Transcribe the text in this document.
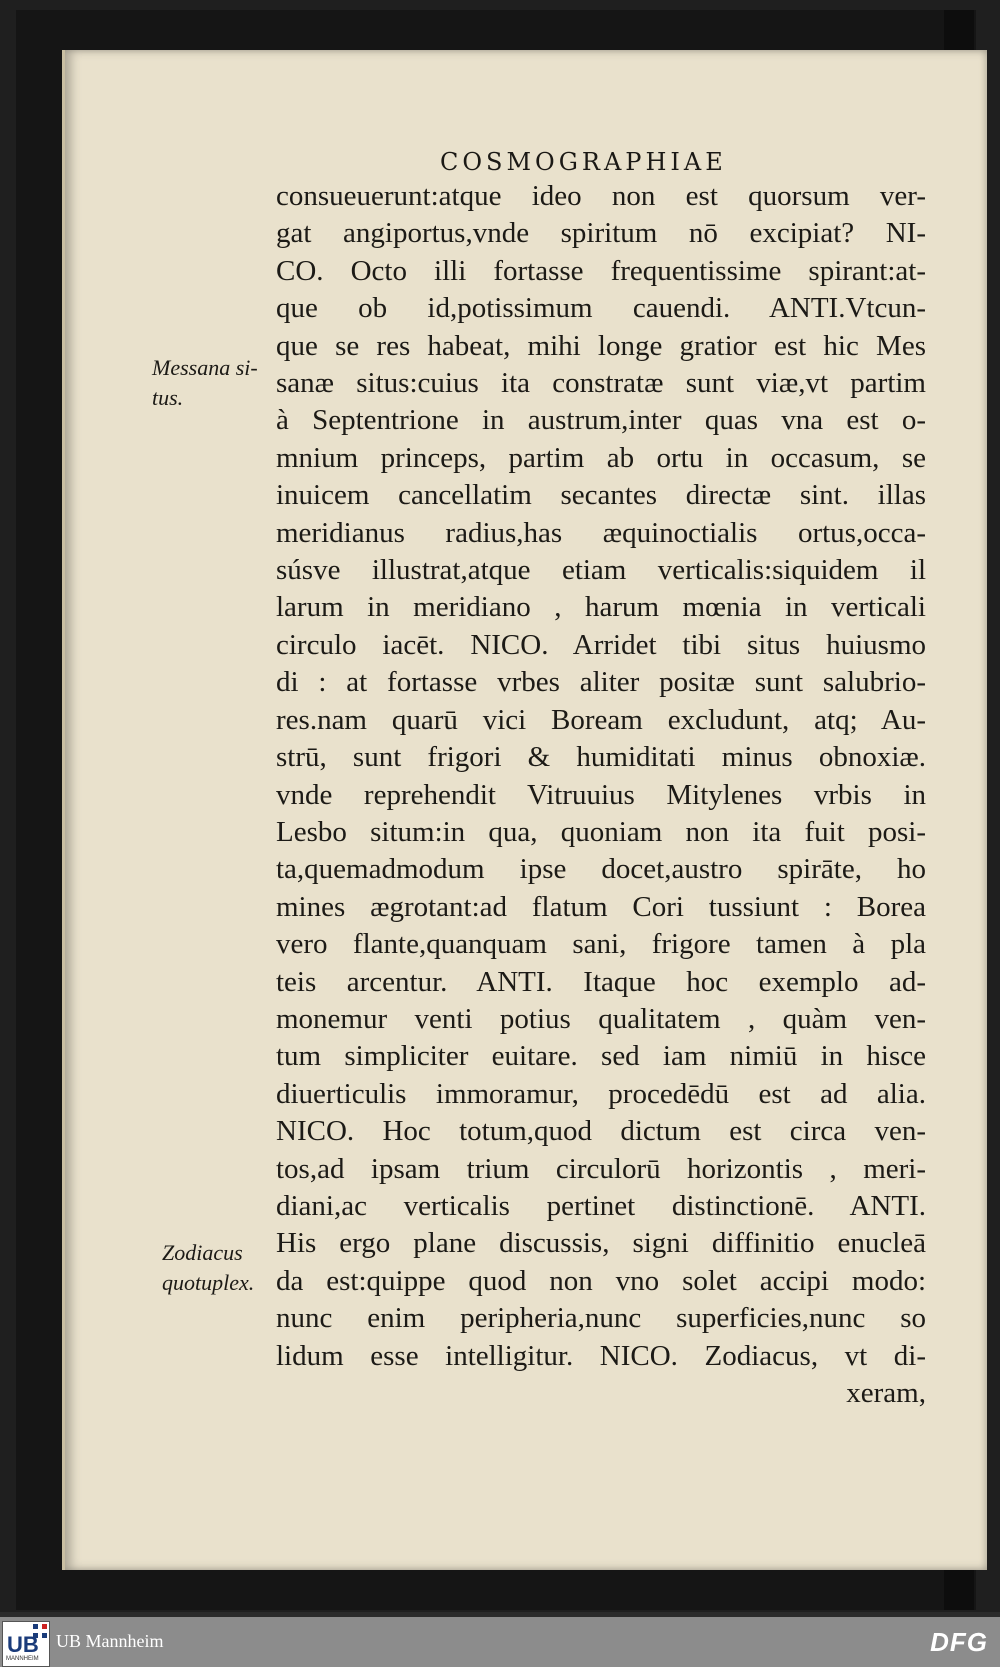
COSMOGRAPHIAE
Messana si-
tus.
Zodiacus
quotuplex.
consueuerunt:atque ideo non est quorsum ver-
gat angiportus,vnde spiritum nō excipiat? NI-
CO. Octo illi fortasse frequentissime spirant:at-
que ob id,potissimum cauendi. ANTI.Vtcun-
que se res habeat, mihi longe gratior est hic Mes
sanæ situs:cuius ita constratæ sunt viæ,vt partim
à Septentrione in austrum,inter quas vna est o-
mnium princeps, partim ab ortu in occasum, se
inuicem cancellatim secantes directæ sint. illas
meridianus radius,has æquinoctialis ortus,occa-
súsve illustrat,atque etiam verticalis:siquidem il
larum in meridiano , harum mœnia in verticali
circulo iacēt. NICO. Arridet tibi situs huiusmo
di : at fortasse vrbes aliter positæ sunt salubrio-
res.nam quarū vici Boream excludunt, atq; Au-
strū, sunt frigori & humiditati minus obnoxiæ.
vnde reprehendit Vitruuius Mitylenes vrbis in
Lesbo situm:in qua, quoniam non ita fuit posi-
ta,quemadmodum ipse docet,austro spirāte, ho
mines ægrotant:ad flatum Cori tussiunt : Borea
vero flante,quanquam sani, frigore tamen à pla
teis arcentur. ANTI. Itaque hoc exemplo ad-
monemur venti potius qualitatem , quàm ven-
tum simpliciter euitare. sed iam nimiū in hisce
diuerticulis immoramur, procedēdū est ad alia.
NICO. Hoc totum,quod dictum est circa ven-
tos,ad ipsam trium circulorū horizontis , meri-
diani,ac verticalis pertinet distinctionē. ANTI.
His ergo plane discussis, signi diffinitio enucleā
da est:quippe quod non vno solet accipi modo:
nunc enim peripheria,nunc superficies,nunc so
lidum esse intelligitur. NICO. Zodiacus, vt di-
xeram,
UB
MANNHEIM
UB Mannheim	DFG
